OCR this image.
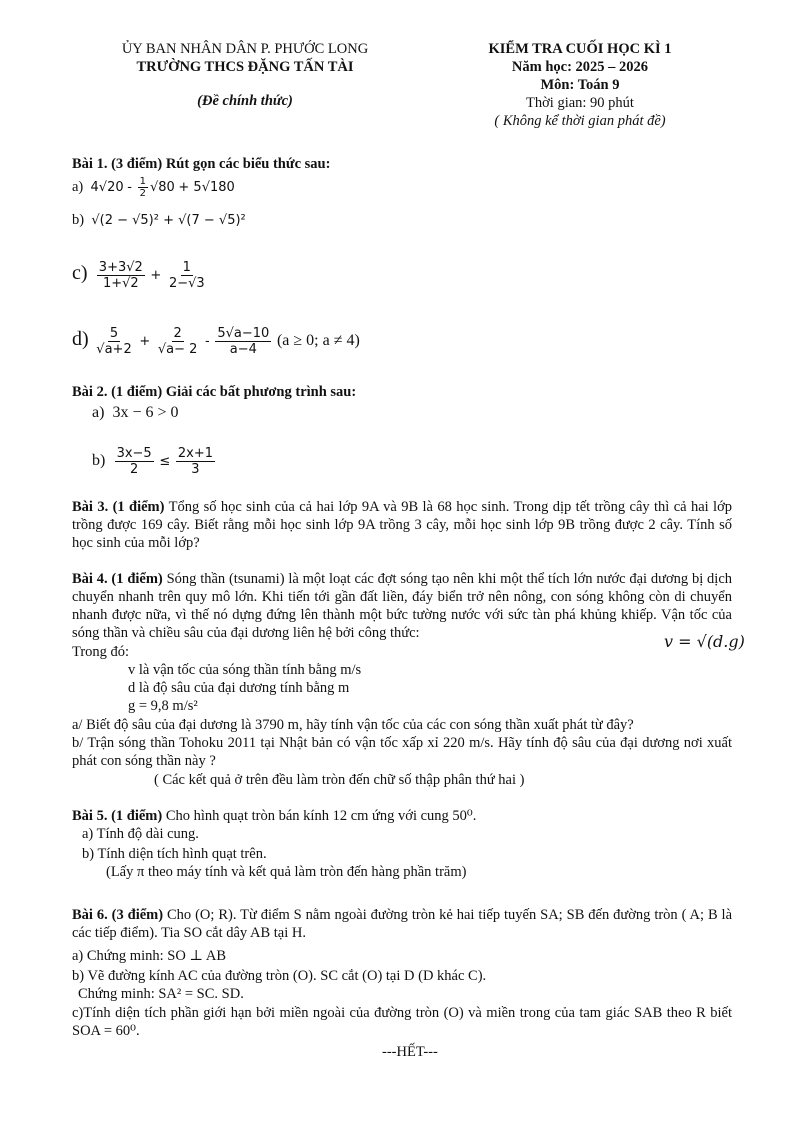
ỦY BAN NHÂN DÂN P. PHƯỚC LONG
TRƯỜNG THCS ĐẶNG TẤN TÀI
(Đề chính thức)
KIỂM TRA CUỐI HỌC KÌ 1
Năm học: 2025 – 2026
Môn: Toán 9
Thời gian: 90 phút
( Không kể thời gian phát đề)
Bài 1. (3 điểm) Rút gọn các biểu thức sau:
a) $4√20 - \frac{1}{2} √80 + 5√180$
b) √(2 − √5)² + √(7 − √5)²
$c) \frac{3+3√2}{1+√2} + \frac{1}{2-√3}$
$d) \frac{5}{√a+2} + \frac{2}{√a- 2} - \frac{5√a-10}{a-4} (a \ge 0$; a ≠ 4)
Bài 2. (1 điểm) Giải các bất phương trình sau:
a) 3x − 6 > 0
$b) \frac{3x-5}{2} \le \frac{2x+1}{3}$
Bài 3. (1 điểm) Tổng số học sinh của cả hai lớp 9A và 9B là 68 học sinh. Trong dịp tết trồng cây thì cả hai lớp trồng được 169 cây. Biết rằng mỗi học sinh lớp 9A trồng 3 cây, mỗi học sinh lớp 9B trồng được 2 cây. Tính số học sinh của mỗi lớp?
Bài 4. (1 điểm) Sóng thần (tsunami) là một loạt các đợt sóng tạo nên khi một thể tích lớn nước đại dương bị dịch chuyển nhanh trên quy mô lớn. Khi tiến tới gần đất liền, đáy biển trở nên nông, con sóng không còn di chuyển nhanh được nữa, vì thế nó dựng đứng lên thành một bức tường nước với sức tàn phá khủng khiếp. Vận tốc của sóng thần và chiều sâu của đại dương liên hệ bởi công thức:	v = √(d.g)
Trong đó:
v là vận tốc của sóng thần tính bằng m/s
d là độ sâu của đại dương tính bằng m
g = 9,8 m/s²
a/ Biết độ sâu của đại dương là 3790 m, hãy tính vận tốc của các con sóng thần xuất phát từ đây?
b/ Trận sóng thần Tohoku 2011 tại Nhật bản có vận tốc xấp xỉ 220 m/s. Hãy tính độ sâu của đại dương nơi xuất phát con sóng thần này ?
( Các kết quả ở trên đều làm tròn đến chữ số thập phân thứ hai )
Bài 5. (1 điểm) Cho hình quạt tròn bán kính 12 cm ứng với cung 50⁰.
a) Tính độ dài cung.
b) Tính diện tích hình quạt trên.
(Lấy π theo máy tính và kết quả làm tròn đến hàng phần trăm)
Bài 6. (3 điểm) Cho (O; R). Từ điểm S nằm ngoài đường tròn kẻ hai tiếp tuyến SA; SB đến đường tròn ( A; B là các tiếp điểm). Tia SO cắt dây AB tại H.
a) Chứng minh: SO ⊥ AB
b) Vẽ đường kính AC của đường tròn (O). SC cắt (O) tại D (D khác C).
Chứng minh: SA² = SC. SD.
c)Tính diện tích phần giới hạn bởi miền ngoài của đường tròn (O) và miền trong của tam giác SAB theo R biết SOA = 60⁰.
---HẾT---
